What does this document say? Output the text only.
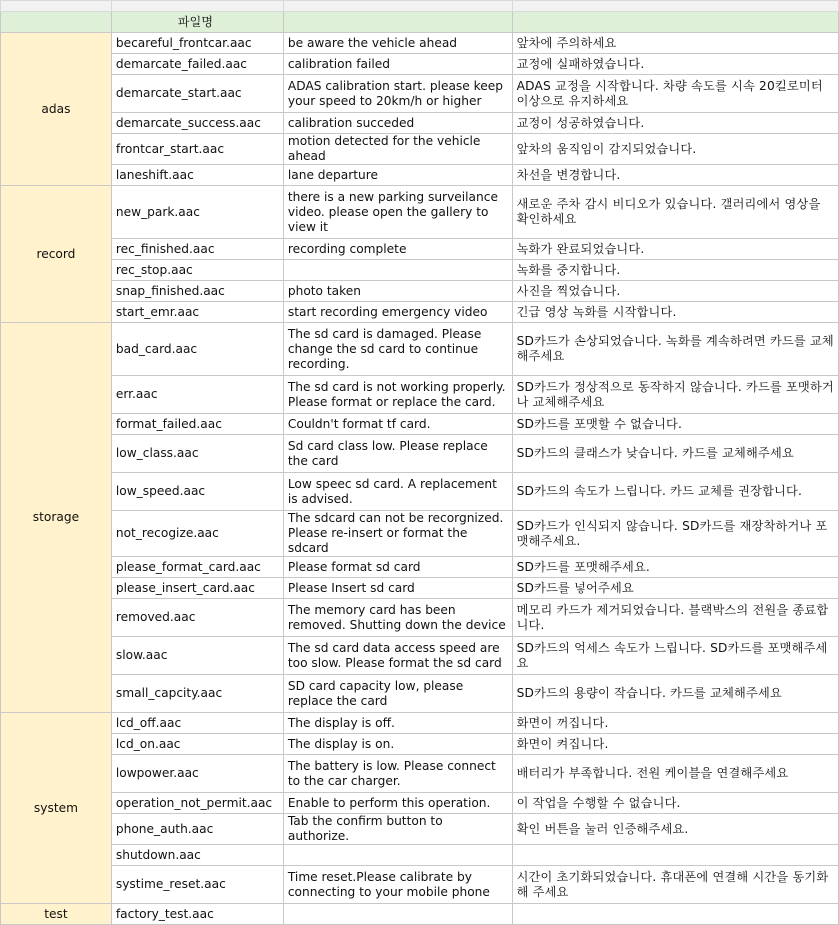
	파일명		
adas	becareful_frontcar.aac	be aware the vehicle ahead	앞차에 주의하세요
	demarcate_failed.aac	calibration failed	교정에 실패하였습니다.
	demarcate_start.aac	ADAS calibration start. please keep your speed to 20km/h or higher	ADAS 교정을 시작합니다. 차량 속도를 시속 20킬로미터 이상으로 유지하세요
	demarcate_success.aac	calibration succeded	교정이 성공하였습니다.
	frontcar_start.aac	motion detected for the vehicle ahead	앞차의 움직임이 감지되었습니다.
	laneshift.aac	lane departure	차선을 변경합니다.
record	new_park.aac	there is a new parking surveilance video. please open the gallery to view it	새로운 주차 감시 비디오가 있습니다. 갤러리에서 영상을 확인하세요
	rec_finished.aac	recording complete	녹화가 완료되었습니다.
	rec_stop.aac		녹화를 중지합니다.
	snap_finished.aac	photo taken	사진을 찍었습니다.
	start_emr.aac	start recording emergency video	긴급 영상 녹화를 시작합니다.
storage	bad_card.aac	The sd card is damaged. Please change the sd card to continue recording.	SD카드가 손상되었습니다. 녹화를 계속하려면 카드를 교체해주세요
	err.aac	The sd card is not working properly. Please format or replace the card.	SD카드가 정상적으로 동작하지 않습니다. 카드를 포맷하거나 교체해주세요
	format_failed.aac	Couldn't format tf card.	SD카드를 포맷할 수 없습니다.
	low_class.aac	Sd card class low. Please replace the card	SD카드의 클래스가 낮습니다. 카드를 교체해주세요
	low_speed.aac	Low speec sd card. A replacement is advised.	SD카드의 속도가 느립니다. 카드 교체를 권장합니다.
	not_recogize.aac	The sdcard can not be recorgnized. Please re-insert or format the sdcard	SD카드가 인식되지 않습니다. SD카드를 재장착하거나 포맷해주세요.
	please_format_card.aac	Please format sd card	SD카드를 포맷해주세요.
	please_insert_card.aac	Please Insert sd card	SD카드를 넣어주세요
	removed.aac	The memory card has been removed. Shutting down the device	메모리 카드가 제거되었습니다. 블랙박스의 전원을 종료합니다.
	slow.aac	The sd card data access speed are too slow. Please format the sd card	SD카드의 억세스 속도가 느립니다. SD카드를 포맷해주세요
	small_capcity.aac	SD card capacity low, please replace the card	SD카드의 용량이 작습니다. 카드를 교체해주세요
system	lcd_off.aac	The display is off.	화면이 꺼집니다.
	lcd_on.aac	The display is on.	화면이 켜집니다.
	lowpower.aac	The battery is low. Please connect to the car charger.	배터리가 부족합니다. 전원 케이블을 연결해주세요
	operation_not_permit.aac	Enable to perform this operation.	이 작업을 수행할 수 없습니다.
	phone_auth.aac	Tab the confirm button to authorize.	확인 버튼을 눌러 인증해주세요.
	shutdown.aac		
	systime_reset.aac	Time reset.Please calibrate by connecting to your mobile phone	시간이 초기화되었습니다. 휴대폰에 연결해 시간을 동기화 해 주세요
test	factory_test.aac		
